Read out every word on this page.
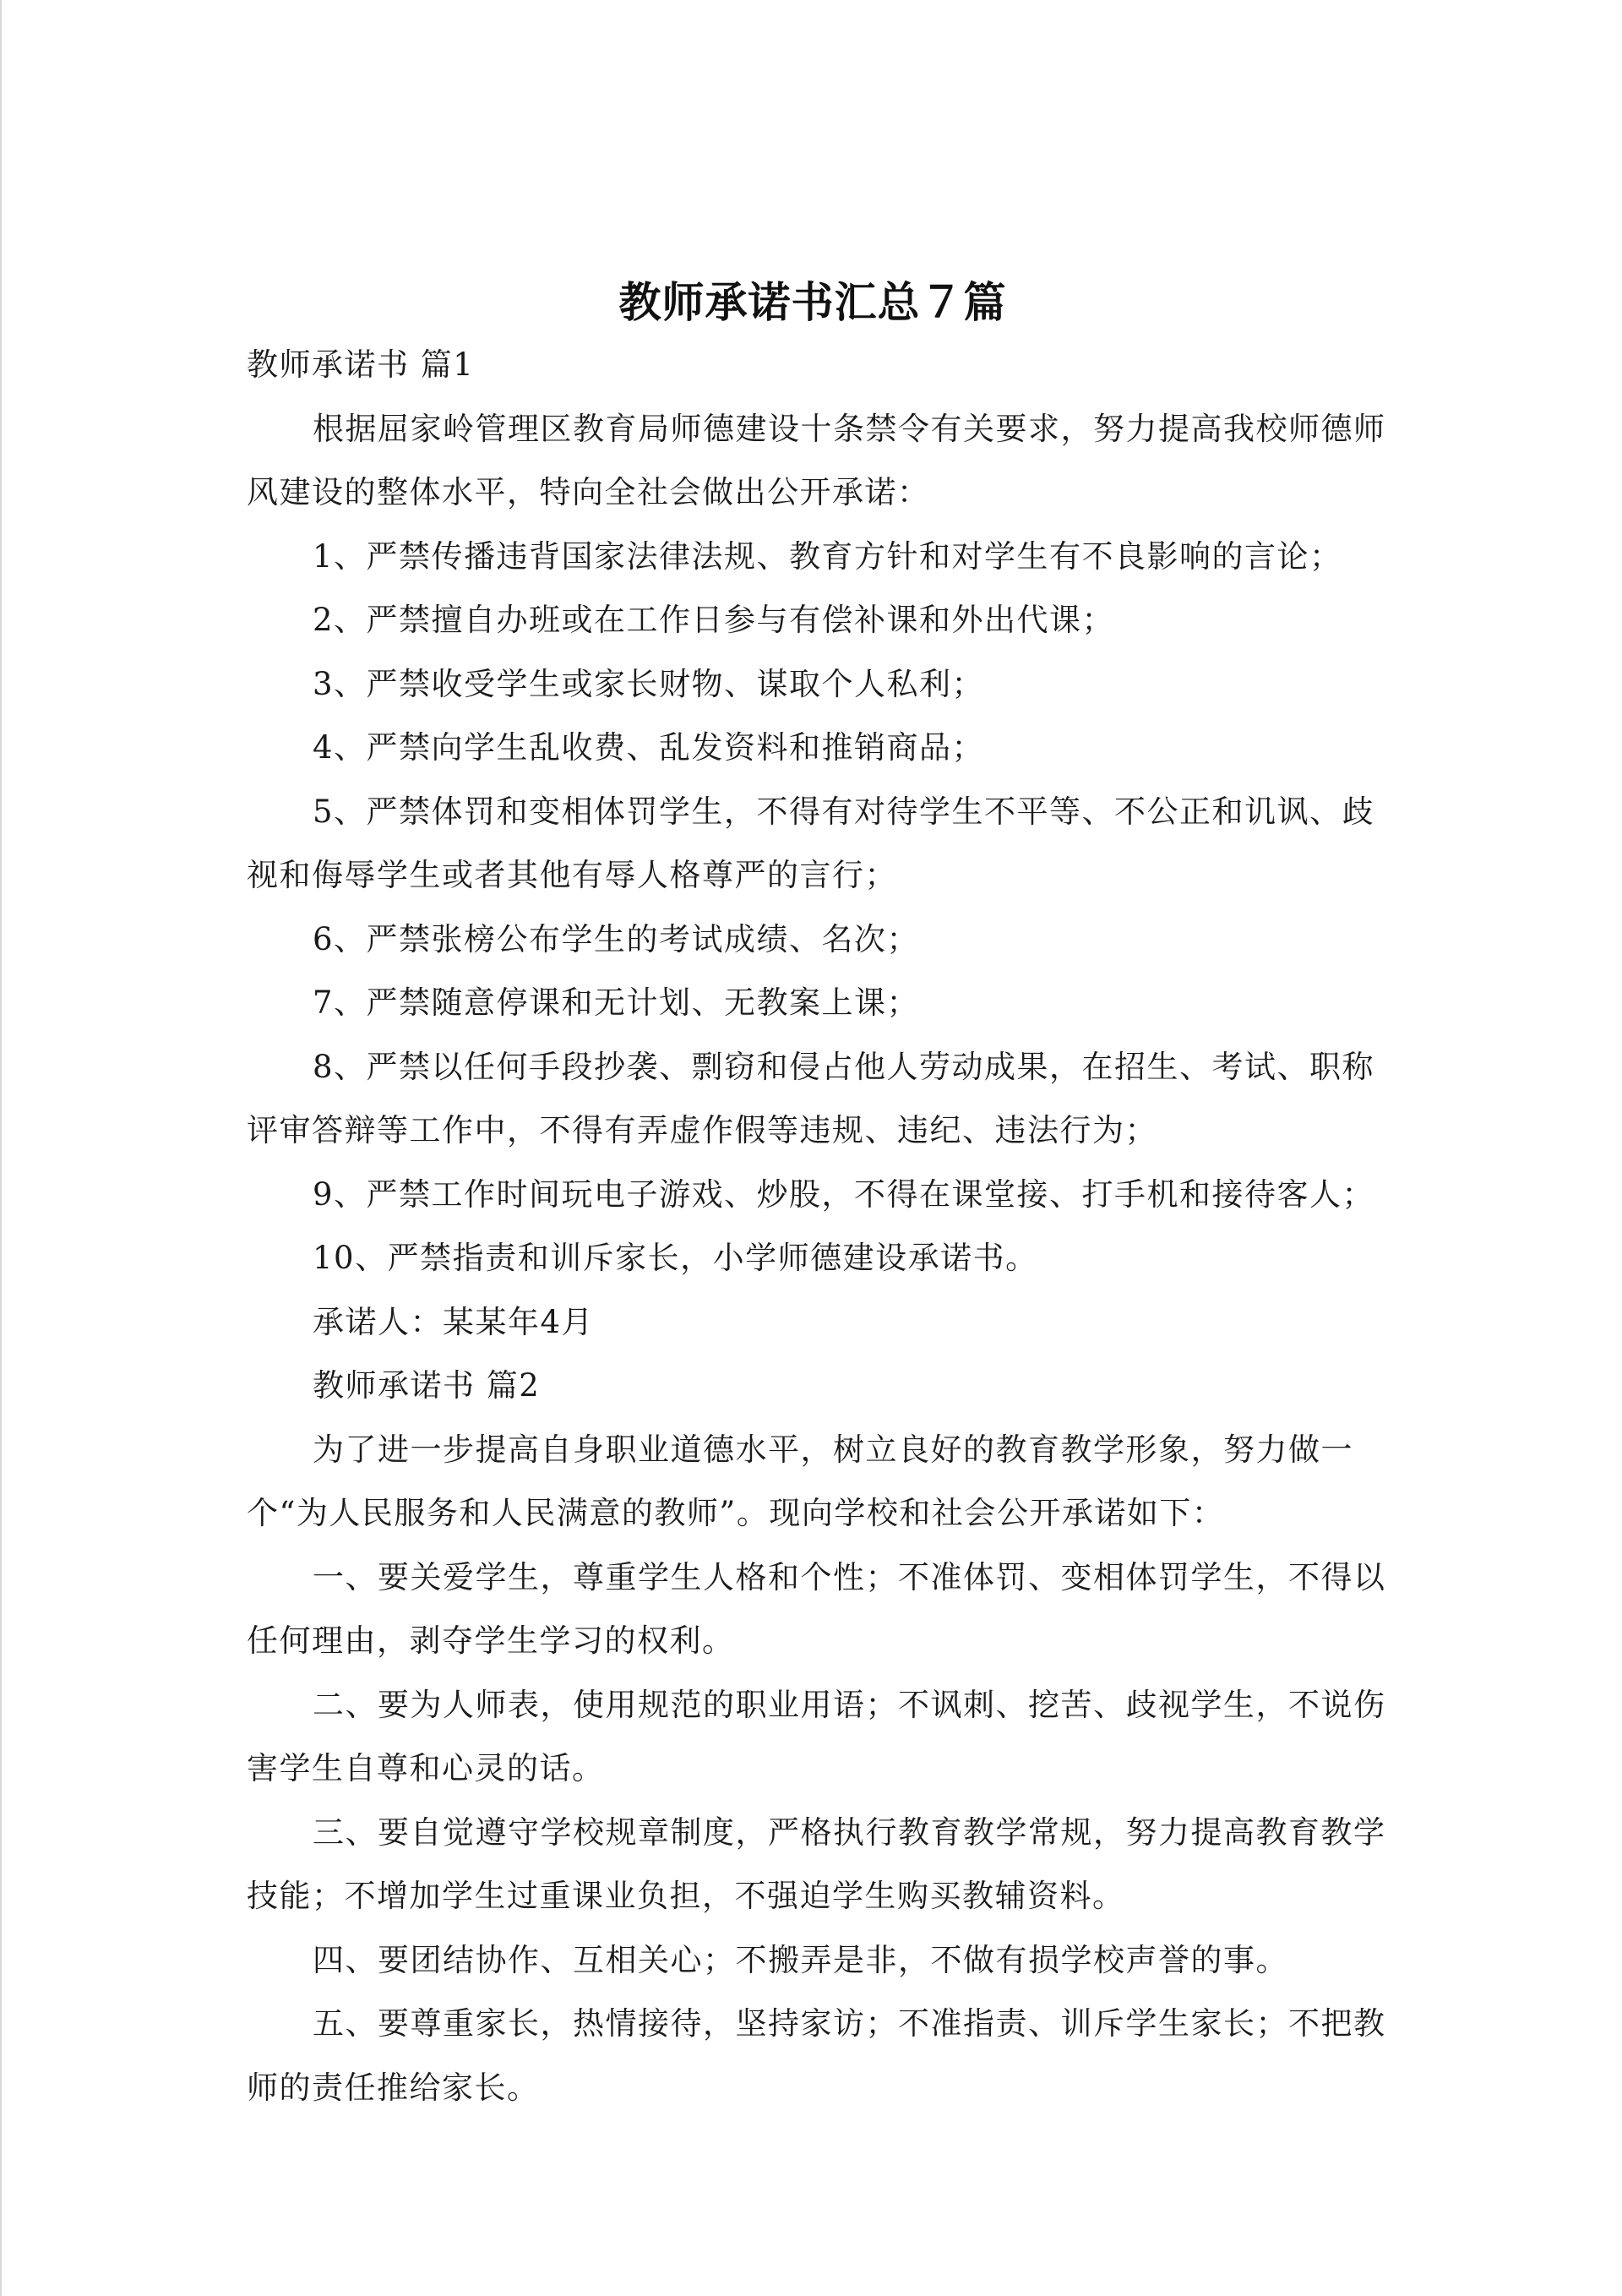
教师承诺书汇总７篇

教师承诺书 篇1

根据屈家岭管理区教育局师德建设十条禁令有关要求，努力提高我校师德师风建设的整体水平，特向全社会做出公开承诺：

1、严禁传播违背国家法律法规、教育方针和对学生有不良影响的言论；

2、严禁擅自办班或在工作日参与有偿补课和外出代课；

3、严禁收受学生或家长财物、谋取个人私利；

4、严禁向学生乱收费、乱发资料和推销商品；

5、严禁体罚和变相体罚学生，不得有对待学生不平等、不公正和讥讽、歧视和侮辱学生或者其他有辱人格尊严的言行；

6、严禁张榜公布学生的考试成绩、名次；

7、严禁随意停课和无计划、无教案上课；

8、严禁以任何手段抄袭、剽窃和侵占他人劳动成果，在招生、考试、职称评审答辩等工作中，不得有弄虚作假等违规、违纪、违法行为；

9、严禁工作时间玩电子游戏、炒股，不得在课堂接、打手机和接待客人；

10、严禁指责和训斥家长，小学师德建设承诺书。

承诺人：某某年4月

教师承诺书 篇2

为了进一步提高自身职业道德水平，树立良好的教育教学形象，努力做一个“为人民服务和人民满意的教师”。现向学校和社会公开承诺如下：

一、要关爱学生，尊重学生人格和个性；不准体罚、变相体罚学生，不得以任何理由，剥夺学生学习的权利。

二、要为人师表，使用规范的职业用语；不讽刺、挖苦、歧视学生，不说伤害学生自尊和心灵的话。

三、要自觉遵守学校规章制度，严格执行教育教学常规，努力提高教育教学技能；不增加学生过重课业负担，不强迫学生购买教辅资料。

四、要团结协作、互相关心；不搬弄是非，不做有损学校声誉的事。

五、要尊重家长，热情接待，坚持家访；不准指责、训斥学生家长；不把教师的责任推给家长。
